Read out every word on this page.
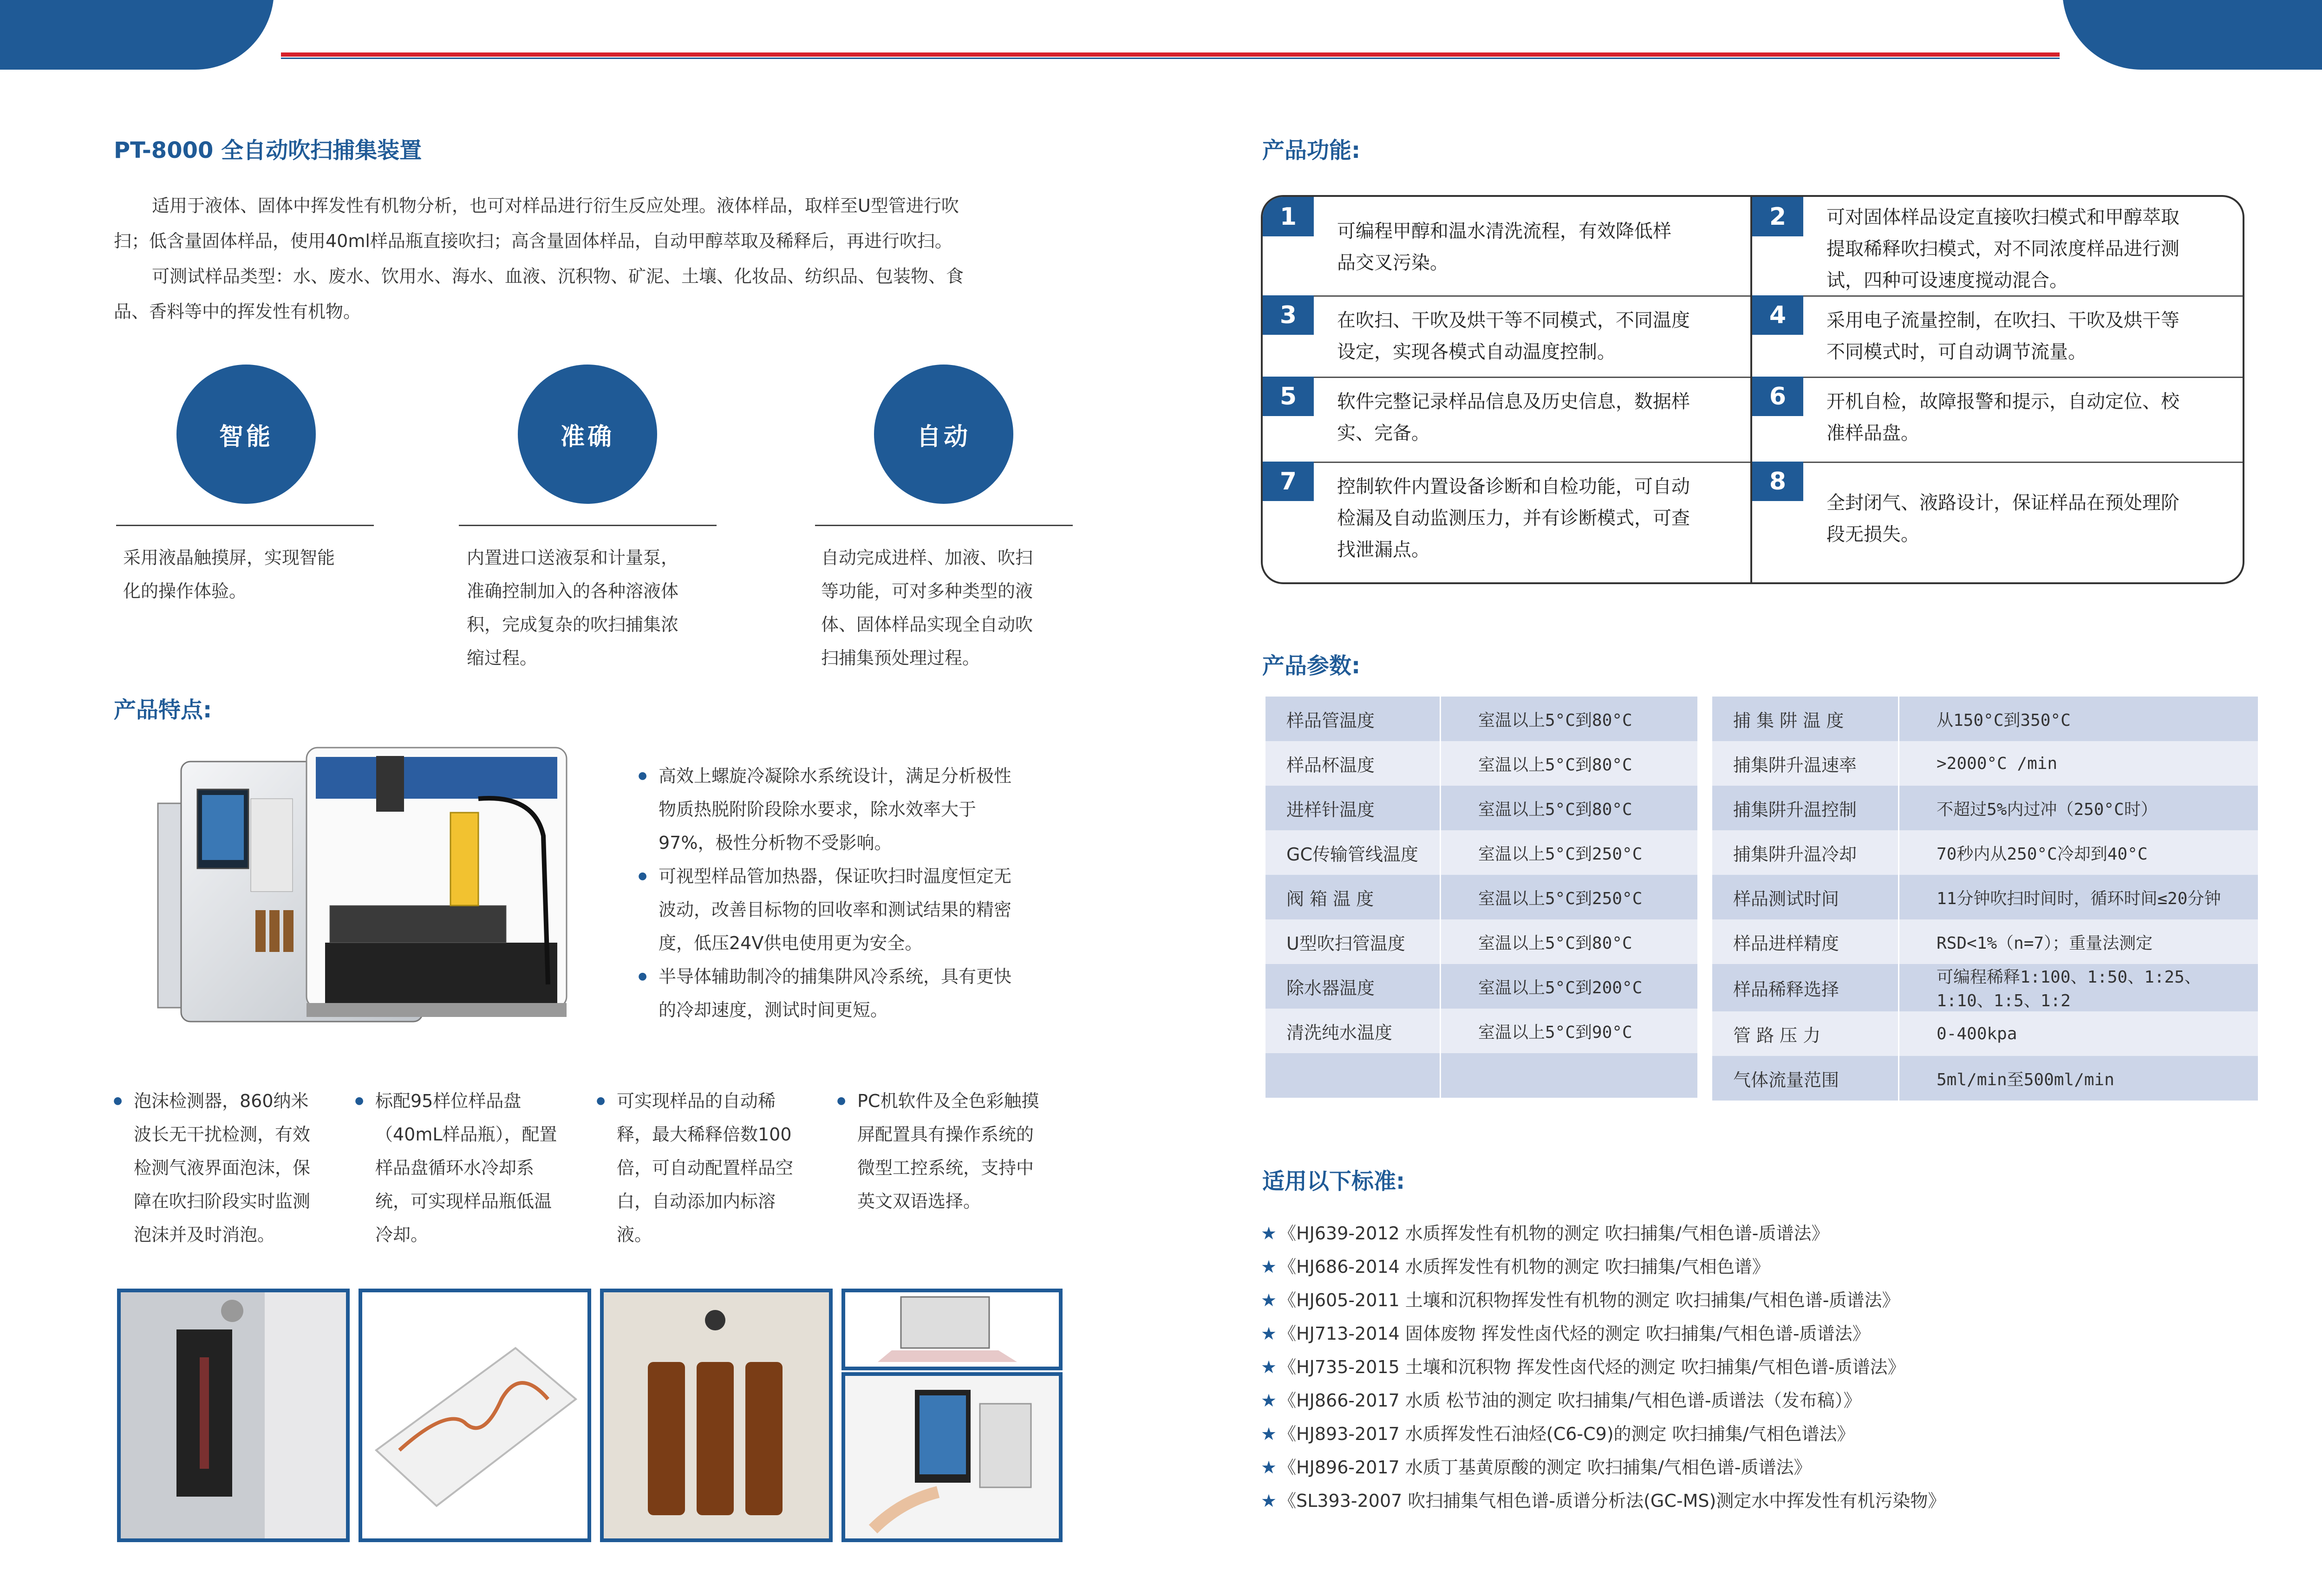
PT-8000 全自动吹扫捕集装置
适用于液体、固体中挥发性有机物分析，也可对样品进行衍生反应处理。液体样品，取样至U型管进行吹
扫；低含量固体样品，使用40ml样品瓶直接吹扫；高含量固体样品，自动甲醇萃取及稀释后，再进行吹扫。
可测试样品类型：水、废水、饮用水、海水、血液、沉积物、矿泥、土壤、化妆品、纺织品、包装物、食
品、香料等中的挥发性有机物。
智能	准确	自动
采用液晶触摸屏，实现智能
化的操作体验。
内置进口送液泵和计量泵，
准确控制加入的各种溶液体
积，完成复杂的吹扫捕集浓
缩过程。
自动完成进样、加液、吹扫
等功能，可对多种类型的液
体、固体样品实现全自动吹
扫捕集预处理过程。
产品特点:
● 高效上螺旋冷凝除水系统设计，满足分析极性
物质热脱附阶段除水要求，除水效率大于
97%，极性分析物不受影响。
● 可视型样品管加热器，保证吹扫时温度恒定无
波动，改善目标物的回收率和测试结果的精密
度，低压24V供电使用更为安全。
● 半导体辅助制冷的捕集阱风冷系统，具有更快
的冷却速度，测试时间更短。
● 泡沫检测器，860纳米
波长无干扰检测，有效
检测气液界面泡沫，保
障在吹扫阶段实时监测
泡沫并及时消泡。
● 标配95样位样品盘
（40mL样品瓶），配置
样品盘循环水冷却系
统，可实现样品瓶低温
冷却。
● 可实现样品的自动稀
释，最大稀释倍数100
倍，可自动配置样品空
白，自动添加内标溶
液。
● PC机软件及全色彩触摸
屏配置具有操作系统的
微型工控系统，支持中
英文双语选择。
产品功能:
1
可编程甲醇和温水清洗流程，有效降低样
品交叉污染。
2	可对固体样品设定直接吹扫模式和甲醇萃取
提取稀释吹扫模式，对不同浓度样品进行测
试，四种可设速度搅动混合。
3	在吹扫、干吹及烘干等不同模式，不同温度
设定，实现各模式自动温度控制。
4	采用电子流量控制，在吹扫、干吹及烘干等
不同模式时，可自动调节流量。
5	软件完整记录样品信息及历史信息，数据样
实、完备。
6	开机自检，故障报警和提示，自动定位、校
准样品盘。
7	控制软件内置设备诊断和自检功能，可自动
检漏及自动监测压力，并有诊断模式，可查
找泄漏点。
8
全封闭气、液路设计，保证样品在预处理阶
段无损失。
产品参数:
样品管温度	室温以上5°C到80°C
样品杯温度	室温以上5°C到80°C
进样针温度	室温以上5°C到80°C
GC传输管线温度	室温以上5°C到250°C
阀 箱 温 度	室温以上5°C到250°C
U型吹扫管温度	室温以上5°C到80°C
除水器温度	室温以上5°C到200°C
清洗纯水温度	室温以上5°C到90°C

捕 集 阱 温 度	从150°C到350°C
捕集阱升温速率	>2000°C /min
捕集阱升温控制	不超过5%内过冲（250°C时）
捕集阱升温冷却	70秒内从250°C冷却到40°C
样品测试时间	11分钟吹扫时间时，循环时间≤20分钟
样品进样精度	RSD<1%（n=7）；重量法测定
样品稀释选择	可编程稀释1:100、1:50、1:25、1:10、1:5、1:2
管 路 压 力	0-400kpa
气体流量范围	5ml/min至500ml/min
适用以下标准:
★ 《HJ639-2012 水质挥发性有机物的测定 吹扫捕集/气相色谱-质谱法》
★ 《HJ686-2014 水质挥发性有机物的测定 吹扫捕集/气相色谱》
★ 《HJ605-2011 土壤和沉积物挥发性有机物的测定 吹扫捕集/气相色谱-质谱法》
★ 《HJ713-2014 固体废物 挥发性卤代烃的测定 吹扫捕集/气相色谱-质谱法》
★ 《HJ735-2015 土壤和沉积物 挥发性卤代烃的测定 吹扫捕集/气相色谱-质谱法》
★ 《HJ866-2017 水质 松节油的测定 吹扫捕集/气相色谱-质谱法（发布稿）》
★ 《HJ893-2017 水质挥发性石油烃(C6-C9)的测定 吹扫捕集/气相色谱法》
★ 《HJ896-2017 水质丁基黄原酸的测定 吹扫捕集/气相色谱-质谱法》
★ 《SL393-2007 吹扫捕集气相色谱-质谱分析法(GC-MS)测定水中挥发性有机污染物》
